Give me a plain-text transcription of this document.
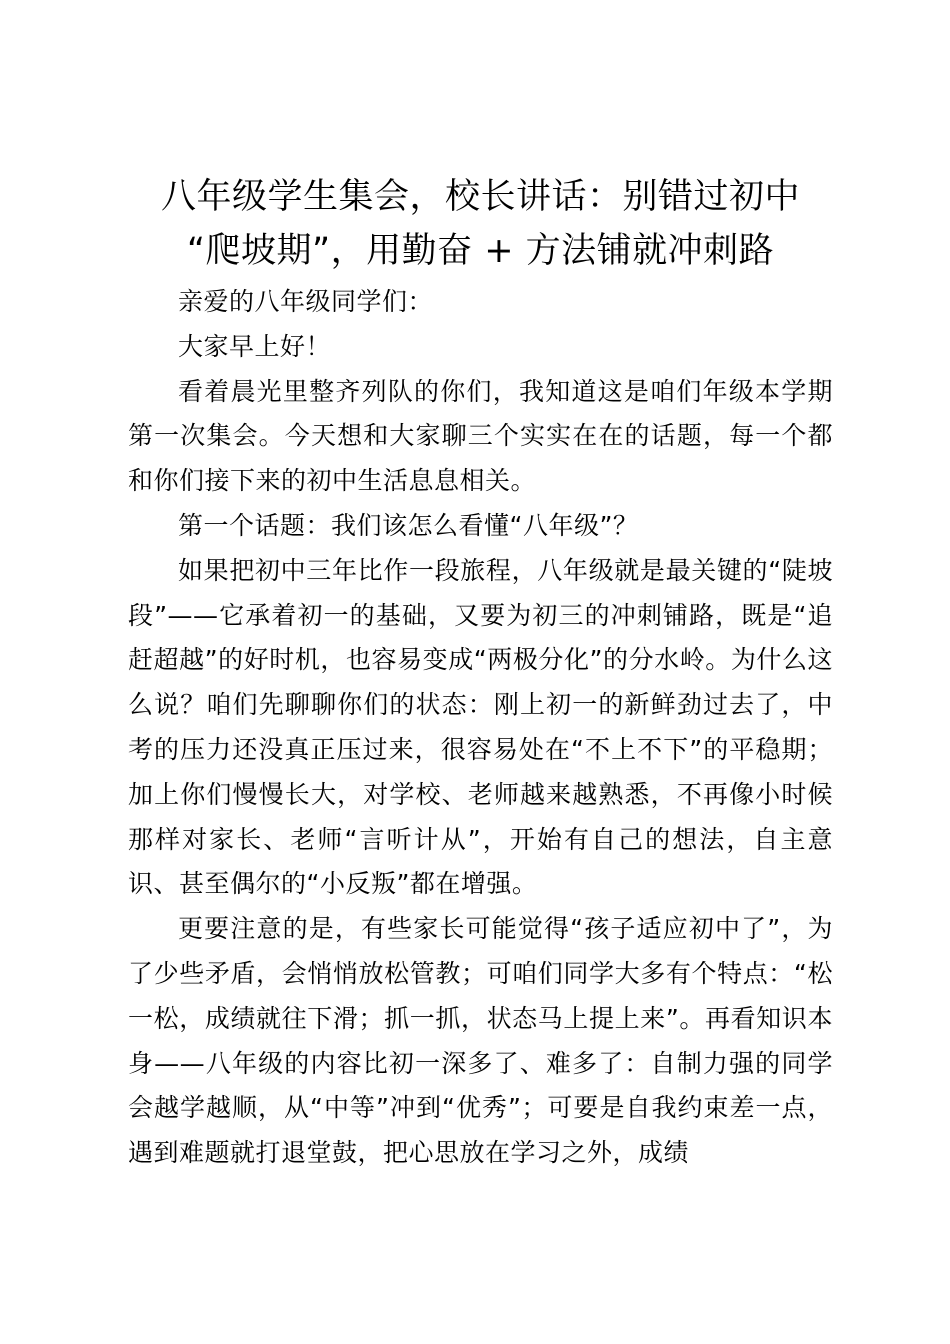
八年级学生集会，校长讲话：别错过初中
“爬坡期”，用勤奋 + 方法铺就冲刺路

亲爱的八年级同学们：

大家早上好！

看着晨光里整齐列队的你们，我知道这是咱们年级本学期第一次集会。今天想和大家聊三个实实在在的话题，每一个都和你们接下来的初中生活息息相关。

第一个话题：我们该怎么看懂“八年级”？

如果把初中三年比作一段旅程，八年级就是最关键的“陡坡段”——它承着初一的基础，又要为初三的冲刺铺路，既是“追赶超越”的好时机，也容易变成“两极分化”的分水岭。为什么这么说？咱们先聊聊你们的状态：刚上初一的新鲜劲过去了，中考的压力还没真正压过来，很容易处在“不上不下”的平稳期；加上你们慢慢长大，对学校、老师越来越熟悉，不再像小时候那样对家长、老师“言听计从”，开始有自己的想法，自主意识、甚至偶尔的“小反叛”都在增强。

更要注意的是，有些家长可能觉得“孩子适应初中了”，为了少些矛盾，会悄悄放松管教；可咱们同学大多有个特点：“松一松，成绩就往下滑；抓一抓，状态马上提上来”。再看知识本身——八年级的内容比初一深多了、难多了：自制力强的同学会越学越顺，从“中等”冲到“优秀”；可要是自我约束差一点，遇到难题就打退堂鼓，把心思放在学习之外，成绩
